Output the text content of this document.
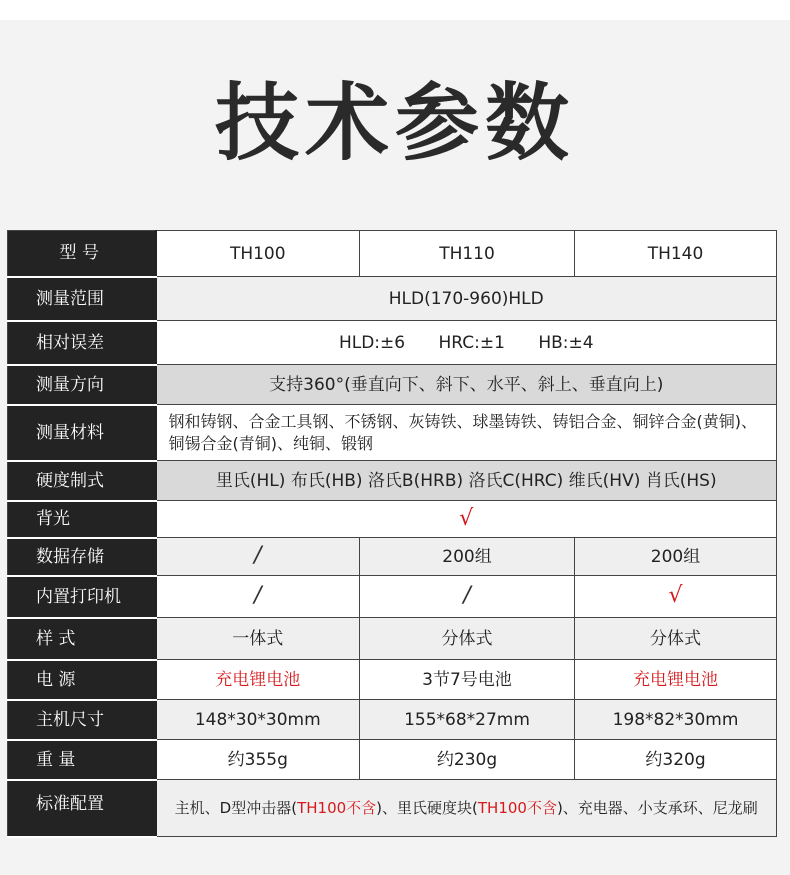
技术参数
型 号	TH100	TH110	TH140
测量范围	HLD(170-960)HLD		
相对误差	HLD:±6 HRC:±1 HB:±4		
测量方向	支持360°(垂直向下、斜下、水平、斜上、垂直向上)		
测量材料	钢和铸钢、合金工具钢、不锈钢、灰铸铁、球墨铸铁、铸铝合金、铜锌合金(黄铜)、
铜锡合金(青铜)、纯铜、锻钢		

硬度制式	里氏(HL) 布氏(HB) 洛氏B(HRB) 洛氏C(HRC) 维氏(HV) 肖氏(HS)		
背光	√		
数据存储	/	200组	200组
内置打印机	/	/	√
样 式	一体式	分体式	分体式
电 源	充电锂电池	3节7号电池	充电锂电池
主机尺寸	148*30*30mm	155*68*27mm	198*82*30mm
重 量	约355g	约230g	约320g
标准配置	主机、D型冲击器(TH100不含)、里氏硬度块(TH100不含)、充电器、小支承环、尼龙刷		
